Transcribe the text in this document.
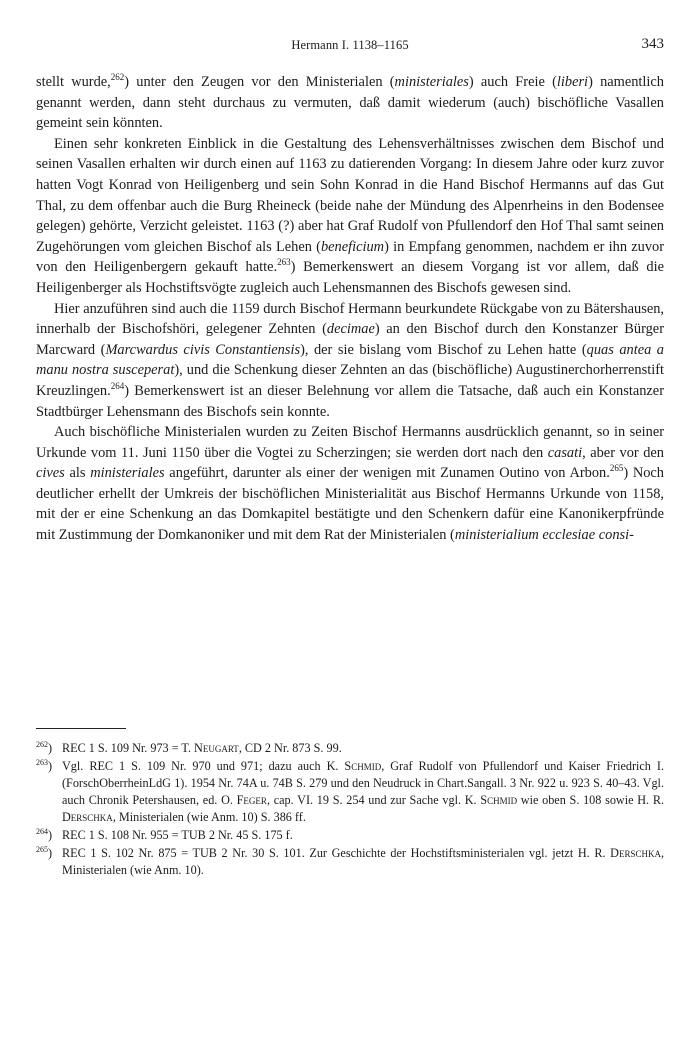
Hermann I. 1138–1165	343

stellt wurde,$^{262}$) unter den Zeugen vor den Ministerialen (ministeriales) auch Freie (liberi) namentlich genannt werden, dann steht durchaus zu vermuten, daß damit wiederum (auch) bischöfliche Vasallen gemeint sein könnten.

Einen sehr konkreten Einblick in die Gestaltung des Lehensverhältnisses zwischen dem Bischof und seinen Vasallen erhalten wir durch einen auf 1163 zu datierenden Vorgang: In diesem Jahre oder kurz zuvor hatten Vogt Konrad von Heiligenberg und sein Sohn Konrad in die Hand Bischof Hermanns auf das Gut Thal, zu dem offenbar auch die Burg Rheineck (beide nahe der Mündung des Alpenrheins in den Bodensee gelegen) gehörte, Verzicht geleistet. 1163 (?) aber hat Graf Rudolf von Pfullendorf den Hof Thal samt seinen Zugehörungen vom gleichen Bischof als Lehen (beneficium) in Empfang genommen, nachdem er ihn zuvor von den Heiligenbergern gekauft hatte.$^{263}$) Bemerkenswert an diesem Vorgang ist vor allem, daß die Heiligenberger als Hochstiftsvögte zugleich auch Lehensmannen des Bischofs gewesen sind.

Hier anzuführen sind auch die 1159 durch Bischof Hermann beurkundete Rückgabe von zu Bätershausen, innerhalb der Bischofshöri, gelegener Zehnten (decimae) an den Bischof durch den Konstanzer Bürger Marcward (Marcwardus civis Constantiensis), der sie bislang vom Bischof zu Lehen hatte (quas antea a manu nostra susceperat), und die Schenkung dieser Zehnten an das (bischöfliche) Augustinerchorherrenstift Kreuzlingen.$^{264}$) Bemerkenswert ist an dieser Belehnung vor allem die Tatsache, daß auch ein Konstanzer Stadtbürger Lehensmann des Bischofs sein konnte.

Auch bischöfliche Ministerialen wurden zu Zeiten Bischof Hermanns ausdrücklich genannt, so in seiner Urkunde vom 11. Juni 1150 über die Vogtei zu Scherzingen; sie werden dort nach den casati, aber vor den cives als ministeriales angeführt, darunter als einer der wenigen mit Zunamen Outino von Arbon.$^{265}$) Noch deutlicher erhellt der Umkreis der bischöflichen Ministerialität aus Bischof Hermanns Urkunde von 1158, mit der er eine Schenkung an das Domkapitel bestätigte und den Schenkern dafür eine Kanonikerpfründe mit Zustimmung der Domkanoniker und mit dem Rat der Ministerialen (ministerialium ecclesiae consi-

$^{262}$) REC 1 S. 109 Nr. 973 = T. Neugart, CD 2 Nr. 873 S. 99.
$^{263}$) Vgl. REC 1 S. 109 Nr. 970 und 971; dazu auch K. Schmid, Graf Rudolf von Pfullendorf und Kaiser Friedrich I. (ForschOberrheinLdG 1). 1954 Nr. 74A u. 74B S. 279 und den Neudruck in Chart.Sangall. 3 Nr. 922 u. 923 S. 40–43. Vgl. auch Chronik Petershausen, ed. O. Feger, cap. VI. 19 S. 254 und zur Sache vgl. K. Schmid wie oben S. 108 sowie H. R. Derschka, Ministerialen (wie Anm. 10) S. 386 ff.
$^{264}$) REC 1 S. 108 Nr. 955 = TUB 2 Nr. 45 S. 175 f.
$^{265}$) REC 1 S. 102 Nr. 875 = TUB 2 Nr. 30 S. 101. Zur Geschichte der Hochstiftsministerialen vgl. jetzt H. R. Derschka, Ministerialen (wie Anm. 10).
